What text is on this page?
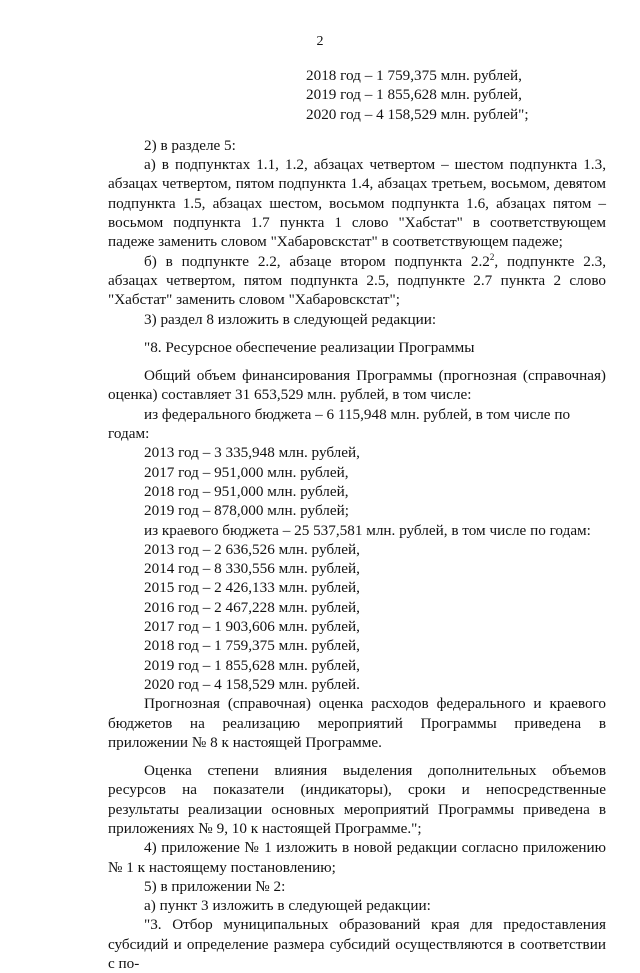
2

2018 год – 1 759,375 млн. рублей,

2019 год – 1 855,628 млн. рублей,

2020 год – 4 158,529 млн. рублей";

2) в разделе 5:

а) в подпунктах 1.1, 1.2, абзацах четвертом – шестом подпункта 1.3, абзацах четвертом, пятом подпункта 1.4, абзацах третьем, восьмом, девятом подпункта 1.5, абзацах шестом, восьмом подпункта 1.6, абзацах пятом – восьмом подпункта 1.7 пункта 1 слово "Хабстат" в соответствующем падеже заменить словом "Хабаровскстат" в соответствующем падеже;

б) в подпункте 2.2, абзаце втором подпункта $2.2^2$, подпункте 2.3, абзацах четвертом, пятом подпункта 2.5, подпункте 2.7 пункта 2 слово "Хабстат" заменить словом "Хабаровскстат";

3) раздел 8 изложить в следующей редакции:

"8. Ресурсное обеспечение реализации Программы

Общий объем финансирования Программы (прогнозная (справочная) оценка) составляет 31 653,529 млн. рублей, в том числе:

из федерального бюджета – 6 115,948 млн. рублей, в том числе по годам:

2013 год – 3 335,948 млн. рублей,

2017 год – 951,000 млн. рублей,

2018 год – 951,000 млн. рублей,

2019 год – 878,000 млн. рублей;

из краевого бюджета – 25 537,581 млн. рублей, в том числе по годам:

2013 год – 2 636,526 млн. рублей,

2014 год – 8 330,556 млн. рублей,

2015 год – 2 426,133 млн. рублей,

2016 год – 2 467,228 млн. рублей,

2017 год – 1 903,606 млн. рублей,

2018 год – 1 759,375 млн. рублей,

2019 год – 1 855,628 млн. рублей,

2020 год – 4 158,529 млн. рублей.

Прогнозная (справочная) оценка расходов федерального и краевого бюджетов на реализацию мероприятий Программы приведена в приложении № 8 к настоящей Программе.

Оценка степени влияния выделения дополнительных объемов ресурсов на показатели (индикаторы), сроки и непосредственные результаты реализации основных мероприятий Программы приведена в приложениях № 9, 10 к настоящей Программе.";

4) приложение № 1 изложить в новой редакции согласно приложению № 1 к настоящему постановлению;

5) в приложении № 2:

а) пункт 3 изложить в следующей редакции:

"3. Отбор муниципальных образований края для предоставления субсидий и определение размера субсидий осуществляются в соответствии с по-
